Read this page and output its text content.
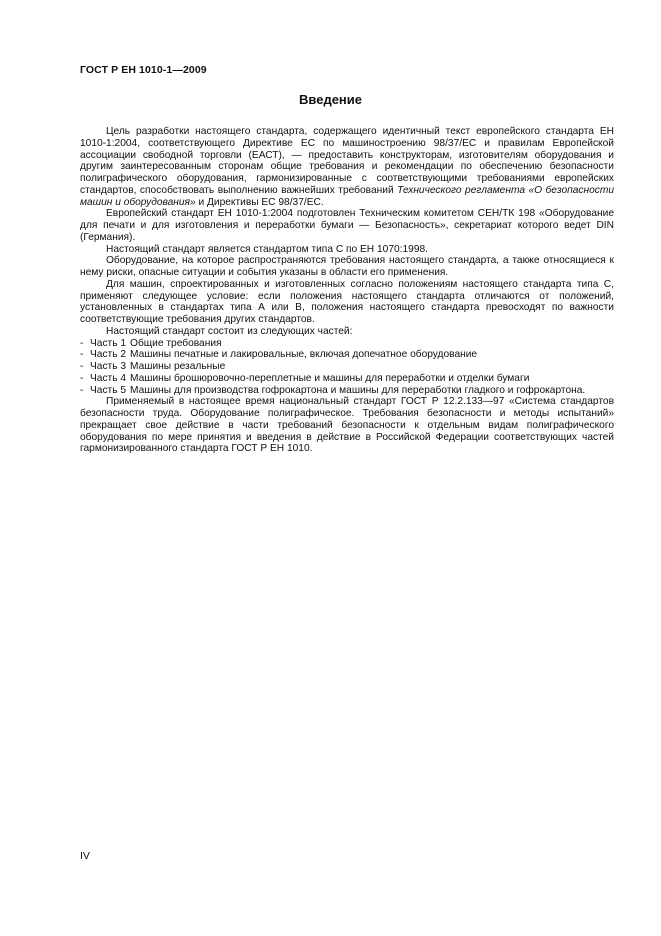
ГОСТ Р ЕН 1010-1—2009
Введение

Цель разработки настоящего стандарта, содержащего идентичный текст европейского стандарта ЕН 1010-1:2004, соответствующего Директиве ЕС по машиностроению 98/37/ЕС и правилам Европейской ассоциации свободной торговли (ЕАСТ), — предоставить конструкторам, изготовителям оборудования и другим заинтересованным сторонам общие требования и рекомендации по обеспечению безопасности полиграфического оборудования, гармонизированные с соответствующими требованиями европейских стандартов, способствовать выполнению важнейших требований Технического регламента «О безопасности машин и оборудования» и Директивы ЕС 98/37/ЕС.

Европейский стандарт ЕН 1010-1:2004 подготовлен Техническим комитетом СЕН/ТК 198 «Оборудование для печати и для изготовления и переработки бумаги — Безопасность», секретариат которого ведет DIN (Германия).

Настоящий стандарт является стандартом типа С по ЕН 1070:1998.

Оборудование, на которое распространяются требования настоящего стандарта, а также относящиеся к нему риски, опасные ситуации и события указаны в области его применения.

Для машин, спроектированных и изготовленных согласно положениям настоящего стандарта типа С, применяют следующее условие: если положения настоящего стандарта отличаются от положений, установленных в стандартах типа А или В, положения настоящего стандарта превосходят по важности соответствующие требования других стандартов.

Настоящий стандарт состоит из следующих частей:

- Часть 1 Общие требования
- Часть 2 Машины печатные и лакировальные, включая допечатное оборудование
- Часть 3 Машины резальные
- Часть 4 Машины брошюровочно-переплетные и машины для переработки и отделки бумаги
- Часть 5 Машины для производства гофрокартона и машины для переработки гладкого и гофрокартона.

Применяемый в настоящее время национальный стандарт ГОСТ Р 12.2.133—97 «Система стандартов безопасности труда. Оборудование полиграфическое. Требования безопасности и методы испытаний» прекращает свое действие в части требований безопасности к отдельным видам полиграфического оборудования по мере принятия и введения в действие в Российской Федерации соответствующих частей гармонизированного стандарта ГОСТ Р ЕН 1010.

IV
